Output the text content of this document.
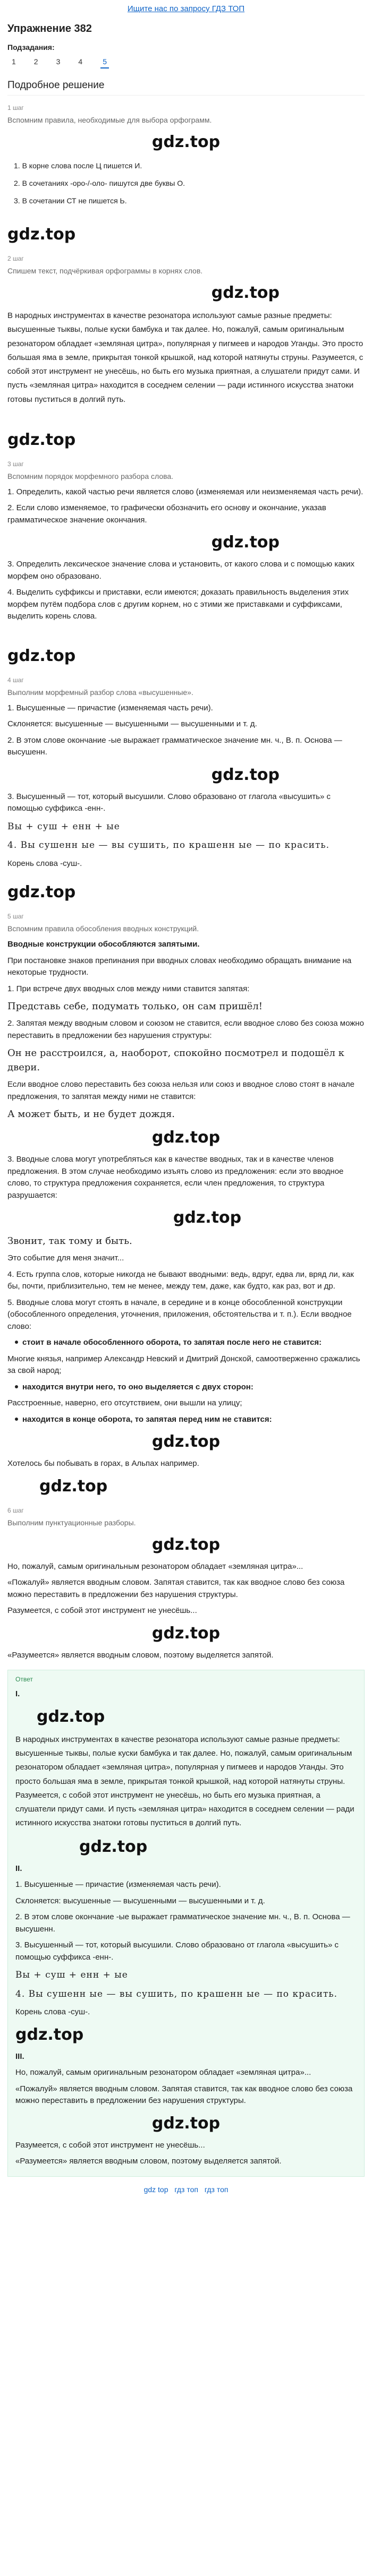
Ищите нас по запросу ГДЗ ТОП
Упражнение 382
Подзадания:
1 2 3 4	5
Подробное решение
1 шаг
Вспомним правила, необходимые для выбора орфограмм.
gdz.top
1. В корне слова после Ц пишется И.
2. В сочетаниях -оро-/-оло- пишутся две буквы О.
3. В сочетании СТ не пишется Ь.
gdz.top
2 шаг
Спишем текст, подчёркивая орфограммы в корнях слов.
gdz.top

В народных инструментах в качестве резонатора используют самые разные предметы: высушенные тыквы, полые куски бамбука и так далее. Но, пожалуй, самым оригинальным резонатором обладает «земляная цитра», популярная у пигмеев и народов Уганды. Это просто большая яма в земле, прикрытая тонкой крышкой, над которой натянуты струны. Разумеется, с собой этот инструмент не унесёшь, но быть его музыка приятная, а слушатели придут сами. И пусть «земляная цитра» находится в соседнем селении — ради истинного искусства знатоки готовы пуститься в долгий путь.

gdz.top
3 шаг
Вспомним порядок морфемного разбора слова.

1. Определить, какой частью речи является слово (изменяемая или неизменяемая часть речи).

2. Если слово изменяемое, то графически обозначить его основу и окончание, указав грамматическое значение окончания.

gdz.top

3. Определить лексическое значение слова и установить, от какого слова и с помощью каких морфем оно образовано.

4. Выделить суффиксы и приставки, если имеются; доказать правильность выделения этих морфем путём подбора слов с другим корнем, но с этими же приставками и суффиксами, выделить корень слова.

gdz.top
4 шаг
Выполним морфемный разбор слова «высушенные».

1. Высушенные — причастие (изменяемая часть речи).

Склоняется: высушенные — высушенными — высушенными и т. д.

2. В этом слове окончание -ые выражает грамматическое значение мн. ч., В. п. Основа — высушенн.

gdz.top

3. Высушенный — тот, который высушили. Слово образовано от глагола «высушить» с помощью суффикса -енн-.

Вы + суш + енн + ые
4. Вы сушенн ые — вы сушить, по крашенн ые — по красить.

Корень слова -суш-.

gdz.top
5 шаг
Вспомним правила обособления вводных конструкций.

Вводные конструкции обособляются запятыми.

При постановке знаков препинания при вводных словах необходимо обращать внимание на некоторые трудности.

1. При встрече двух вводных слов между ними ставится запятая:

Представь себе, подумать только, он сам пришёл!

2. Запятая между вводным словом и союзом не ставится, если вводное слово без союза можно переставить в предложении без нарушения структуры:

Он не расстроился, а, наоборот, спокойно посмотрел и подошёл к двери.

Если вводное слово переставить без союза нельзя или союз и вводное слово стоят в начале предложения, то запятая между ними не ставится:

А может быть, и не будет дождя.

gdz.top

3. Вводные слова могут употребляться как в качестве вводных, так и в качестве членов предложения. В этом случае необходимо изъять слово из предложения: если это вводное слово, то структура предложения сохраняется, если член предложения, то структура разрушается:

gdz.top

Звонит, так тому и быть.

Это событие для меня значит...

4. Есть группа слов, которые никогда не бывают вводными: ведь, вдруг, едва ли, вряд ли, как бы, почти, приблизительно, тем не менее, между тем, даже, как будто, как раз, вот и др.

5. Вводные слова могут стоять в начале, в середине и в конце обособленной конструкции (обособленного определения, уточнения, приложения, обстоятельства и т. п.). Если вводное слово:

стоит в начале обособленного оборота, то запятая после него не ставится:

Многие князья, например Александр Невский и Дмитрий Донской, самоотверженно сражались за свой народ;

находится внутри него, то оно выделяется с двух сторон:

Расстроенные, наверно, его отсутствием, они вышли на улицу;

находится в конце оборота, то запятая перед ним не ставится:

gdz.top

Хотелось бы побывать в горах, в Альпах например.

gdz.top
6 шаг
Выполним пунктуационные разборы.
gdz.top

Но, пожалуй, самым оригинальным резонатором обладает «земляная цитра»...

«Пожалуй» является вводным словом. Запятая ставится, так как вводное слово без союза можно переставить в предложении без нарушения структуры.

Разумеется, с собой этот инструмент не унесёшь...

gdz.top

«Разумеется» является вводным словом, поэтому выделяется запятой.

Ответ

I.

gdz.top

В народных инструментах в качестве резонатора используют самые разные предметы: высушенные тыквы, полые куски бамбука и так далее. Но, пожалуй, самым оригинальным резонатором обладает «земляная цитра», популярная у пигмеев и народов Уганды. Это просто большая яма в земле, прикрытая тонкой крышкой, над которой натянуты струны. Разумеется, с собой этот инструмент не унесёшь, но быть его музыка приятная, а слушатели придут сами. И пусть «земляная цитра» находится в соседнем селении — ради истинного искусства знатоки готовы пуститься в долгий путь.

gdz.top

II.

1. Высушенные — причастие (изменяемая часть речи).

Склоняется: высушенные — высушенными — высушенными и т. д.

2. В этом слове окончание -ые выражает грамматическое значение мн. ч., В. п. Основа — высушенн.

3. Высушенный — тот, который высушили. Слово образовано от глагола «высушить» с помощью суффикса -енн-.

Вы + суш + енн + ые
4. Вы сушенн ые — вы сушить, по крашенн ые — по красить.

Корень слова -суш-.

gdz.top

III.

Но, пожалуй, самым оригинальным резонатором обладает «земляная цитра»...

«Пожалуй» является вводным словом. Запятая ставится, так как вводное слово без союза можно переставить в предложении без нарушения структуры.

gdz.top

Разумеется, с собой этот инструмент не унесёшь...

«Разумеется» является вводным словом, поэтому выделяется запятой.

gdz top гдз топ гдз топ
